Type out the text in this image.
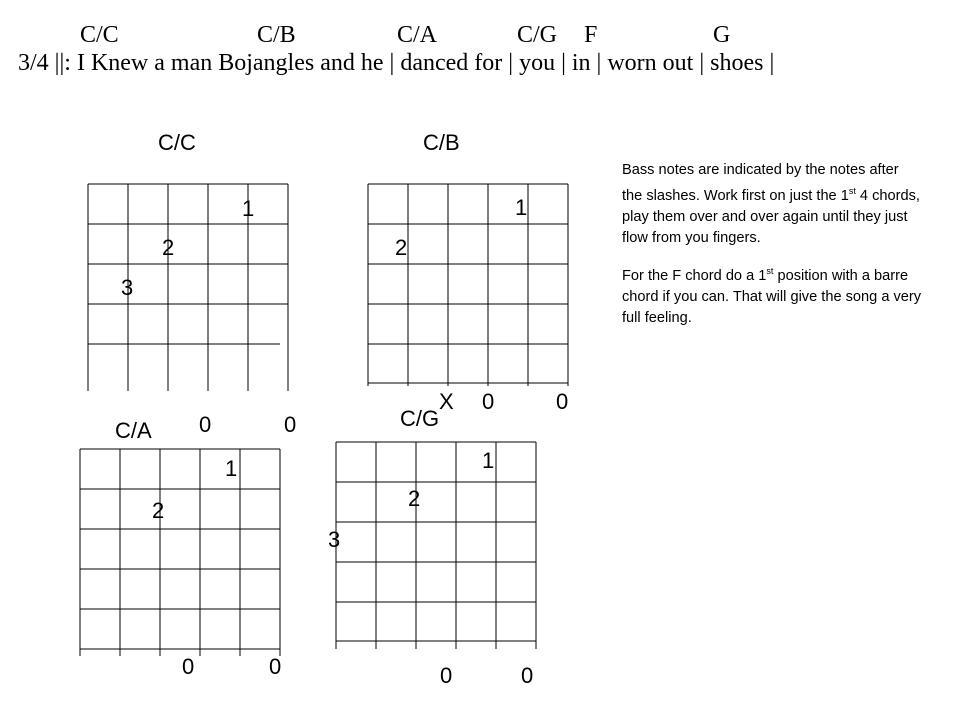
C/C	C/B	C/A	C/G F	G
3/4 ||: I Knew a man Bojangles and he | danced for | you | in | worn out | shoes |
C/C
1
2
3
C/B
1
2
X 0	0
C/A 0	0
1
2
0	0
C/G
1
2
3
0	0

Bass notes are indicated by the notes after the slashes. Work first on just the 1st 4 chords, play them over and over again until they just flow from you fingers.

For the F chord do a 1st position with a barre chord if you can. That will give the song a very full feeling.
